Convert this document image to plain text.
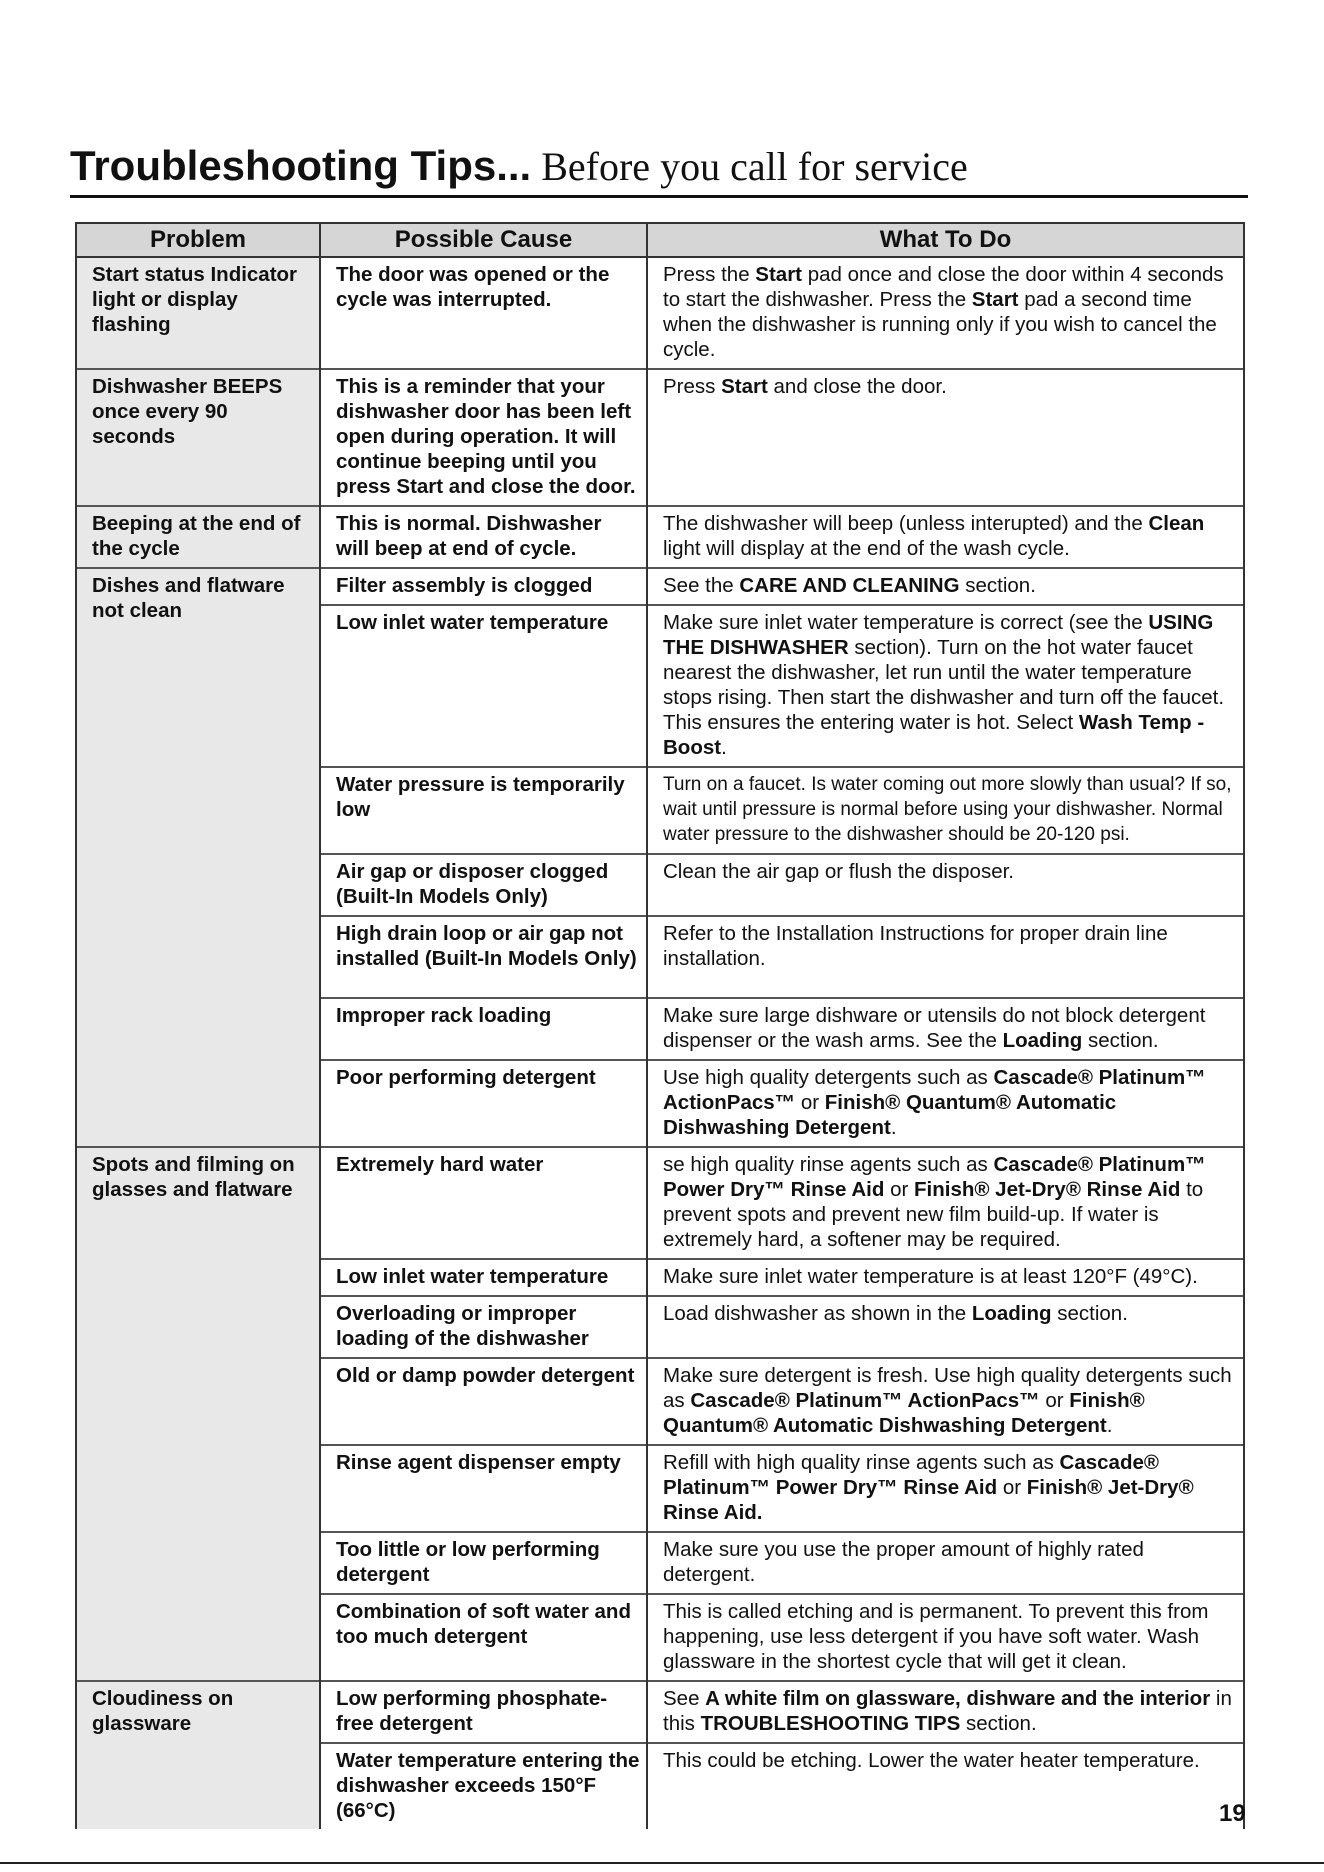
Troubleshooting Tips... Before you call for service
Problem	Possible Cause	What To Do
Start status Indicator light or display flashing	The door was opened or the cycle was interrupted.	Press the Start pad once and close the door within 4 seconds to start the dishwasher. Press the Start pad a second time when the dishwasher is running only if you wish to cancel the cycle.
Dishwasher BEEPS once every 90 seconds	This is a reminder that your dishwasher door has been left open during operation. It will continue beeping until you press Start and close the door.	Press Start and close the door.
Beeping at the end of the cycle	This is normal. Dishwasher will beep at end of cycle.	The dishwasher will beep (unless interupted) and the Clean light will display at the end of the wash cycle.
Dishes and flatware not clean	Filter assembly is clogged	See the CARE AND CLEANING section.
	Low inlet water temperature	Make sure inlet water temperature is correct (see the USING THE DISHWASHER section). Turn on the hot water faucet nearest the dishwasher, let run until the water temperature stops rising. Then start the dishwasher and turn off the faucet. This ensures the entering water is hot. Select Wash Temp - Boost.
	Water pressure is temporarily low	Turn on a faucet. Is water coming out more slowly than usual? If so, wait until pressure is normal before using your dishwasher. Normal water pressure to the dishwasher should be 20-120 psi.
	Air gap or disposer clogged (Built-In Models Only)	Clean the air gap or flush the disposer.
	High drain loop or air gap not installed (Built-In Models Only)	Refer to the Installation Instructions for proper drain line installation.
	Improper rack loading	Make sure large dishware or utensils do not block detergent dispenser or the wash arms. See the Loading section.
	Poor performing detergent	Use high quality detergents such as Cascade® Platinum™ ActionPacs™ or Finish® Quantum® Automatic Dishwashing Detergent.
Spots and filming on glasses and flatware	Extremely hard water	se high quality rinse agents such as Cascade® Platinum™ Power Dry™ Rinse Aid or Finish® Jet-Dry® Rinse Aid to prevent spots and prevent new film build-up. If water is extremely hard, a softener may be required.
	Low inlet water temperature	Make sure inlet water temperature is at least 120°F (49°C).
	Overloading or improper loading of the dishwasher	Load dishwasher as shown in the Loading section.
	Old or damp powder detergent	Make sure detergent is fresh. Use high quality detergents such as Cascade® Platinum™ ActionPacs™ or Finish® Quantum® Automatic Dishwashing Detergent.
	Rinse agent dispenser empty	Refill with high quality rinse agents such as Cascade® Platinum™ Power Dry™ Rinse Aid or Finish® Jet-Dry® Rinse Aid.
	Too little or low performing detergent	Make sure you use the proper amount of highly rated detergent.
	Combination of soft water and too much detergent	This is called etching and is permanent. To prevent this from happening, use less detergent if you have soft water. Wash glassware in the shortest cycle that will get it clean.
Cloudiness on glassware	Low performing phosphate-free detergent	See A white film on glassware, dishware and the interior in this TROUBLESHOOTING TIPS section.
	Water temperature entering the dishwasher exceeds 150°F (66°C)	This could be etching. Lower the water heater temperature.
19
